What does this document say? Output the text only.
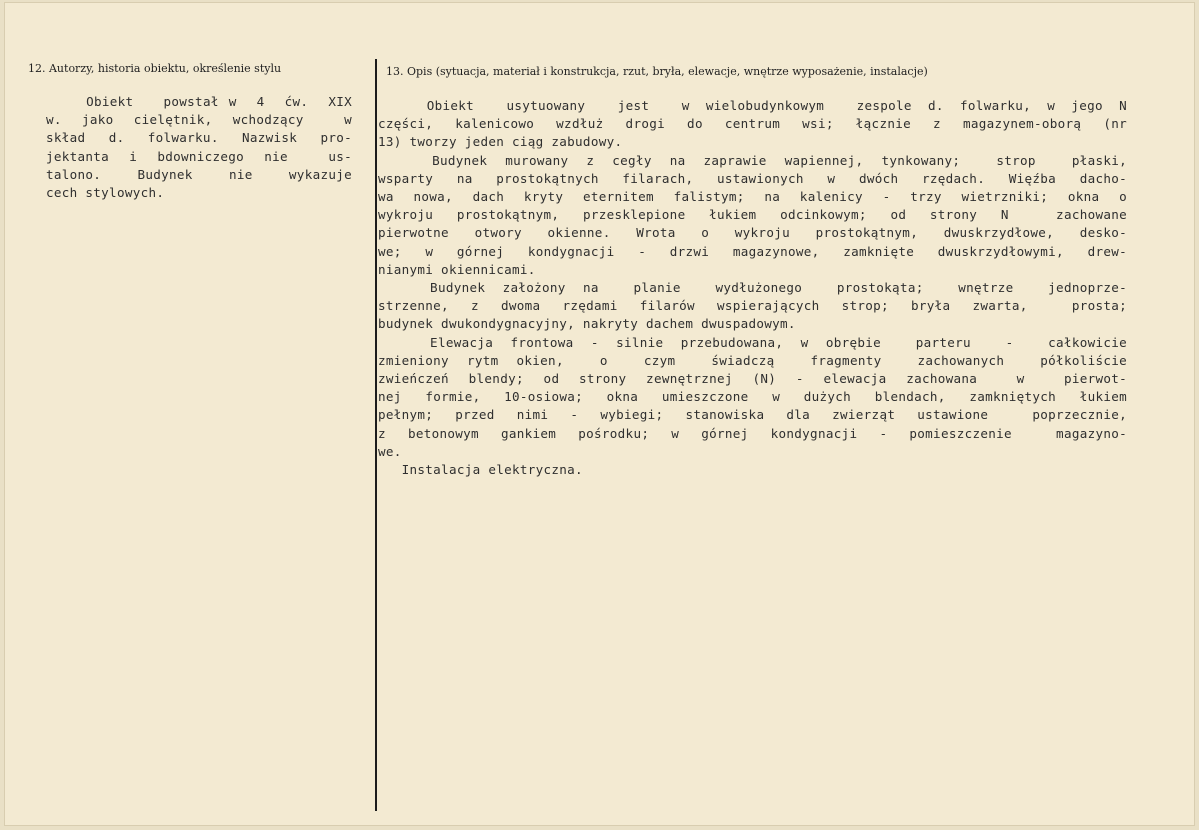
12. Autorzy, historia obiektu, określenie stylu	13. Opis (sytuacja, materiał i konstrukcja, rzut, bryła, elewacje, wnętrze wyposażenie, instalacje)
Obiekt   powstał w  4  ćw.  XIX
w. jako cielętnik, wchodzący  w
skład d. folwarku. Nazwisk pro-
jektanta i bdowniczego nie  us-
talono.  Budynek  nie  wykazuje
cech stylowych.
Obiekt  usytuowany  jest  w wielobudynkowym  zespole d. folwarku, w jego N
części, kalenicowo wzdłuż drogi do centrum wsi; łącznie z magazynem-oborą (nr
13) tworzy jeden ciąg zabudowy.
Budynek murowany z cegły na zaprawie wapiennej, tynkowany;  strop  płaski,
wsparty na prostokątnych filarach, ustawionych w dwóch rzędach. Więźba dacho-
wa nowa, dach kryty eternitem falistym; na kalenicy - trzy wietrzniki; okna o
wykroju prostokątnym, przesklepione łukiem odcinkowym; od strony N  zachowane
pierwotne otwory okienne. Wrota o wykroju prostokątnym, dwuskrzydłowe, desko-
we; w górnej kondygnacji - drzwi magazynowe, zamknięte dwuskrzydłowymi, drew-
nianymi okiennicami.
Budynek założony na  planie  wydłużonego  prostokąta;  wnętrze  jednoprze-
strzenne, z dwoma rzędami filarów wspierających strop; bryła zwarta,  prosta;
budynek dwukondygnacyjny, nakryty dachem dwuspadowym.
Elewacja frontowa - silnie przebudowana, w obrębie  parteru  -  całkowicie
zmieniony rytm okien,  o  czym  świadczą  fragmenty  zachowanych  półkoliście
zwieńczeń blendy; od strony zewnętrznej (N) - elewacja zachowana  w  pierwot-
nej formie, 10-osiowa; okna umieszczone w dużych blendach, zamkniętych łukiem
pełnym; przed nimi - wybiegi; stanowiska dla zwierząt ustawione  poprzecznie,
z betonowym gankiem pośrodku; w górnej kondygnacji - pomieszczenie  magazyno-
we.
Instalacja elektryczna.
